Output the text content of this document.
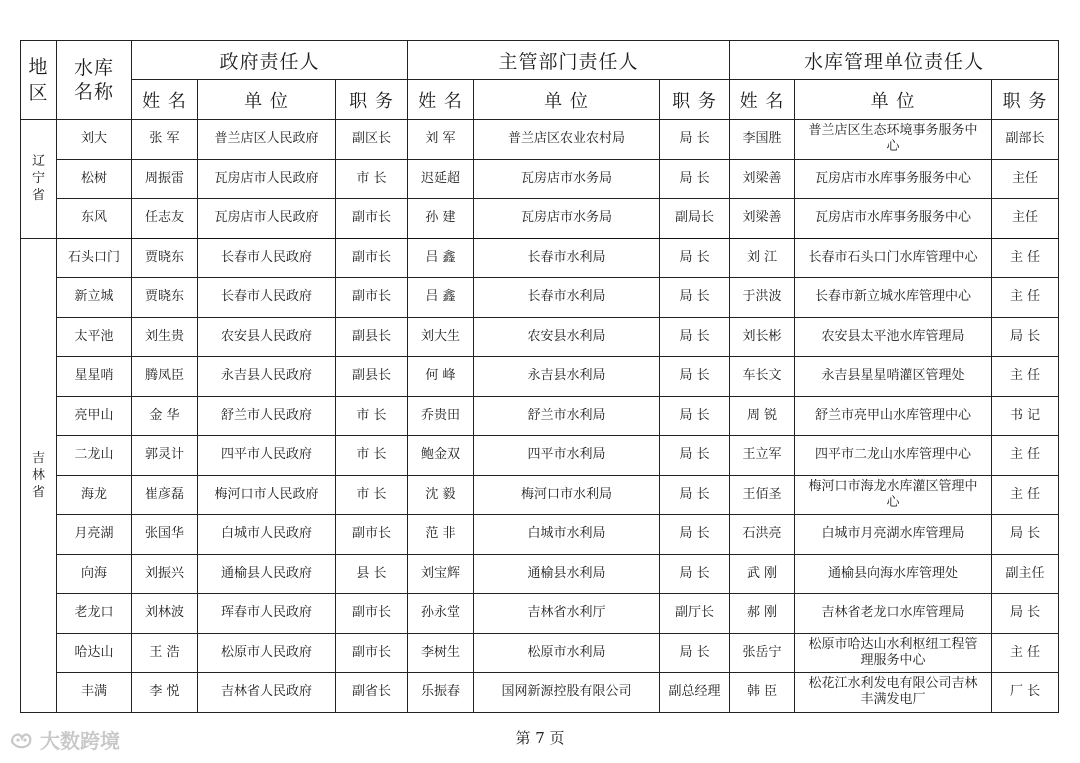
地区	水库名称	政府责任人			主管部门责任人			水库管理单位责任人		
		姓 名	单 位	职 务	姓 名	单 位	职 务	姓 名	单 位	职 务
辽宁省	刘大	张 军	普兰店区人民政府	副区长	刘 军	普兰店区农业农村局	局 长	李国胜	普兰店区生态环境事务服务中心	副部长
	松树	周振雷	瓦房店市人民政府	市 长	迟延超	瓦房店市水务局	局 长	刘梁善	瓦房店市水库事务服务中心	主任
	东风	任志友	瓦房店市人民政府	副市长	孙 建	瓦房店市水务局	副局长	刘梁善	瓦房店市水库事务服务中心	主任
吉林省	石头口门	贾晓东	长春市人民政府	副市长	吕 鑫	长春市水利局	局 长	刘 江	长春市石头口门水库管理中心	主 任
	新立城	贾晓东	长春市人民政府	副市长	吕 鑫	长春市水利局	局 长	于洪波	长春市新立城水库管理中心	主 任
	太平池	刘生贵	农安县人民政府	副县长	刘大生	农安县水利局	局 长	刘长彬	农安县太平池水库管理局	局 长
	星星哨	腾凤臣	永吉县人民政府	副县长	何 峰	永吉县水利局	局 长	车长文	永吉县星星哨灌区管理处	主 任
	亮甲山	金 华	舒兰市人民政府	市 长	乔贵田	舒兰市水利局	局 长	周 锐	舒兰市亮甲山水库管理中心	书 记
	二龙山	郭灵计	四平市人民政府	市 长	鲍金双	四平市水利局	局 长	王立军	四平市二龙山水库管理中心	主 任
	海龙	崔彦磊	梅河口市人民政府	市 长	沈 毅	梅河口市水利局	局 长	王佰圣	梅河口市海龙水库灌区管理中心	主 任
	月亮湖	张国华	白城市人民政府	副市长	范 非	白城市水利局	局 长	石洪亮	白城市月亮湖水库管理局	局 长
	向海	刘振兴	通榆县人民政府	县 长	刘宝辉	通榆县水利局	局 长	武 刚	通榆县向海水库管理处	副主任
	老龙口	刘林波	珲春市人民政府	副市长	孙永堂	吉林省水利厅	副厅长	郝 刚	吉林省老龙口水库管理局	局 长
	哈达山	王 浩	松原市人民政府	副市长	李树生	松原市水利局	局 长	张岳宁	松原市哈达山水利枢纽工程管理服务中心	主 任
	丰满	李 悦	吉林省人民政府	副省长	乐振春	国网新源控股有限公司	副总经理	韩 臣	松花江水利发电有限公司吉林丰满发电厂	厂 长
第 7 页
大数跨境
